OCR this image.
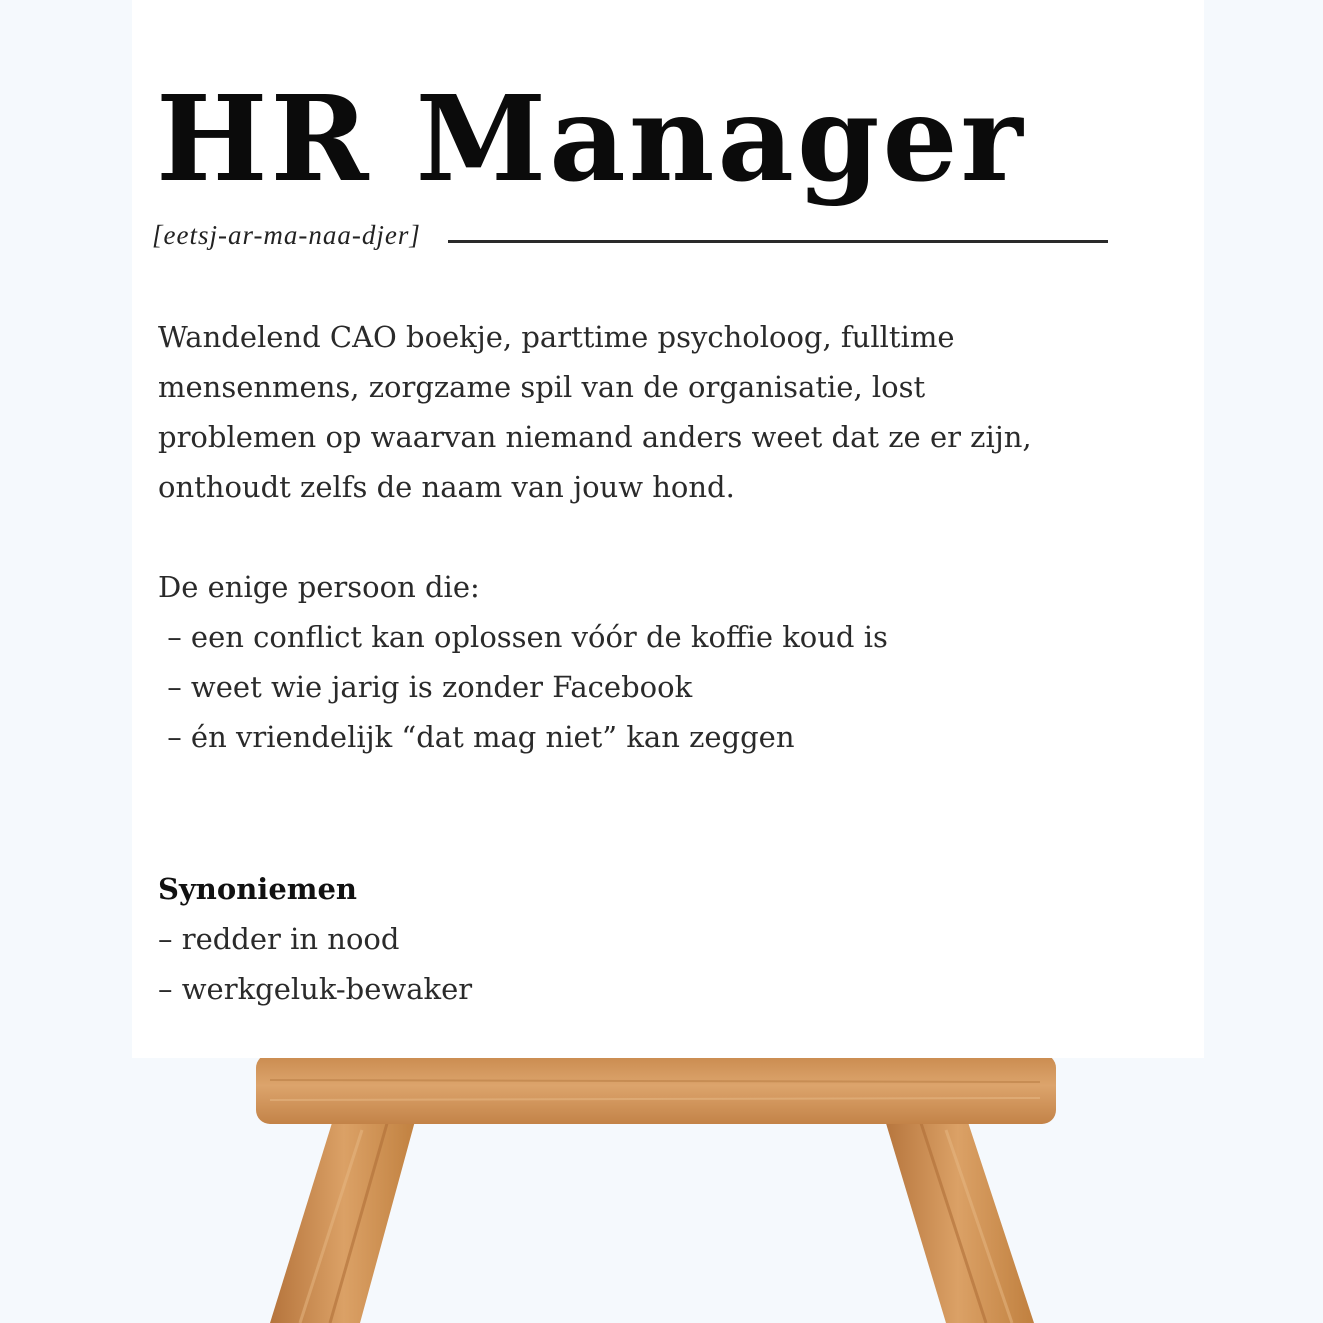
HR Manager
[eetsj-ar-ma-naa-djer]

Wandelend CAO boekje, parttime psycholoog, fulltime

mensenmens, zorgzame spil van de organisatie, lost

problemen op waarvan niemand anders weet dat ze er zijn,

onthoudt zelfs de naam van jouw hond.

De enige persoon die:

– een conflict kan oplossen vóór de koffie koud is

– weet wie jarig is zonder Facebook

– én vriendelijk “dat mag niet” kan zeggen

Synoniemen
– redder in nood
– werkgeluk-bewaker
